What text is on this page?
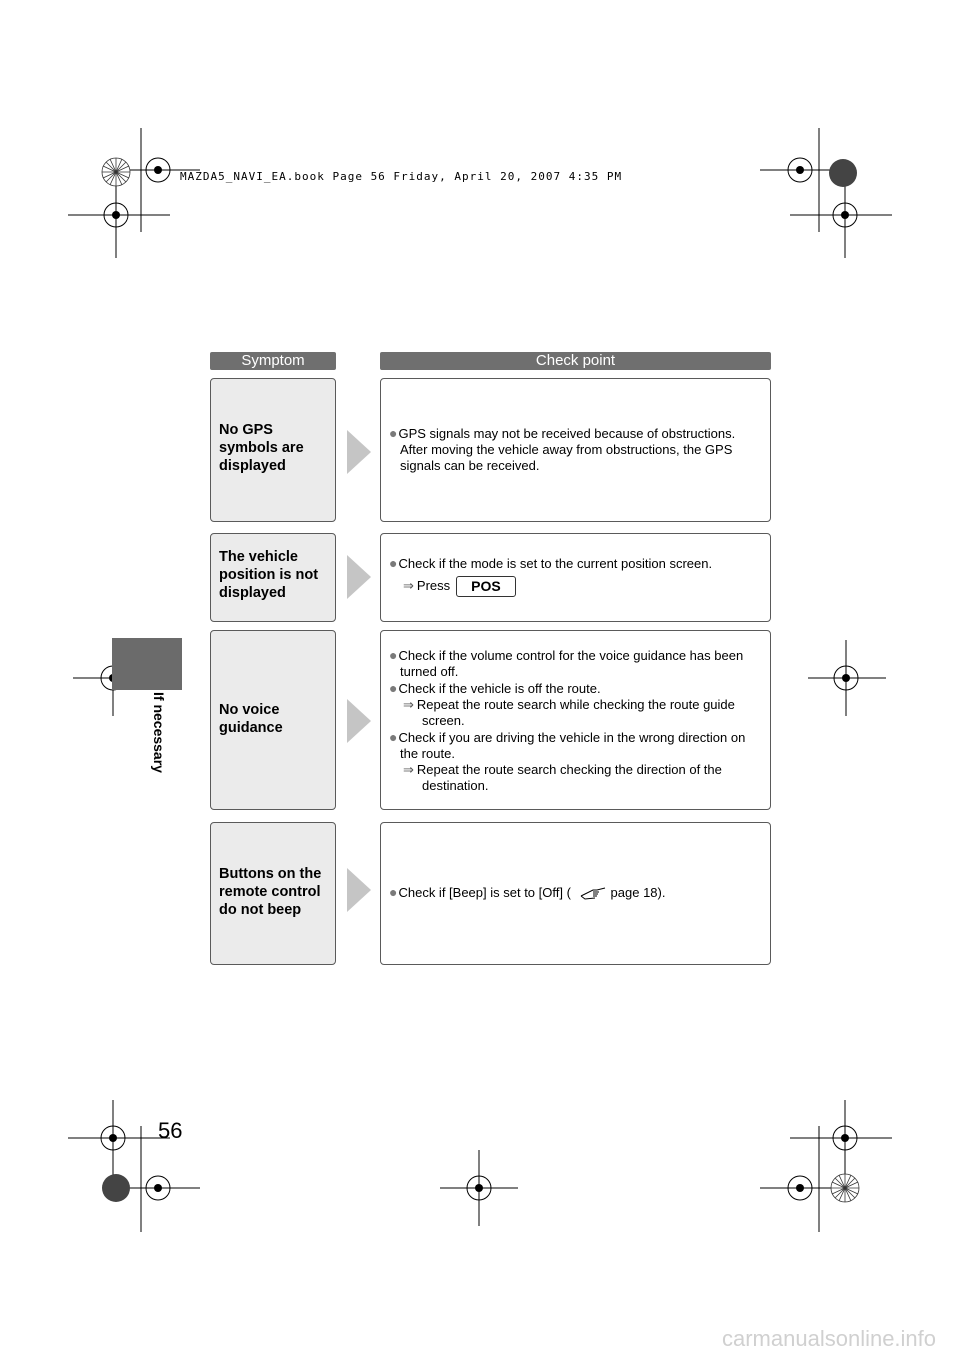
MAZDA5_NAVI_EA.book Page 56 Friday, April 20, 2007 4:35 PM
If necessary
Symptom	Check point
No GPS
symbols are
displayed
●GPS signals may not be received because of obstructions.
After moving the vehicle away from obstructions, the GPS
signals can be received.
The vehicle
position is not
displayed
●Check if the mode is set to the current position screen.
⇒ Press POS
No voice
guidance
●Check if the volume control for the voice guidance has been
turned off.
●Check if the vehicle is off the route.
⇒ Repeat the route search while checking the route guide
screen.
●Check if you are driving the vehicle in the wrong direction on
the route.
⇒ Repeat the route search checking the direction of the
destination.
Buttons on the
remote control
do not beep
●Check if [Beep] is set to [Off] (	page 18).
56
carmanualsonline.info
